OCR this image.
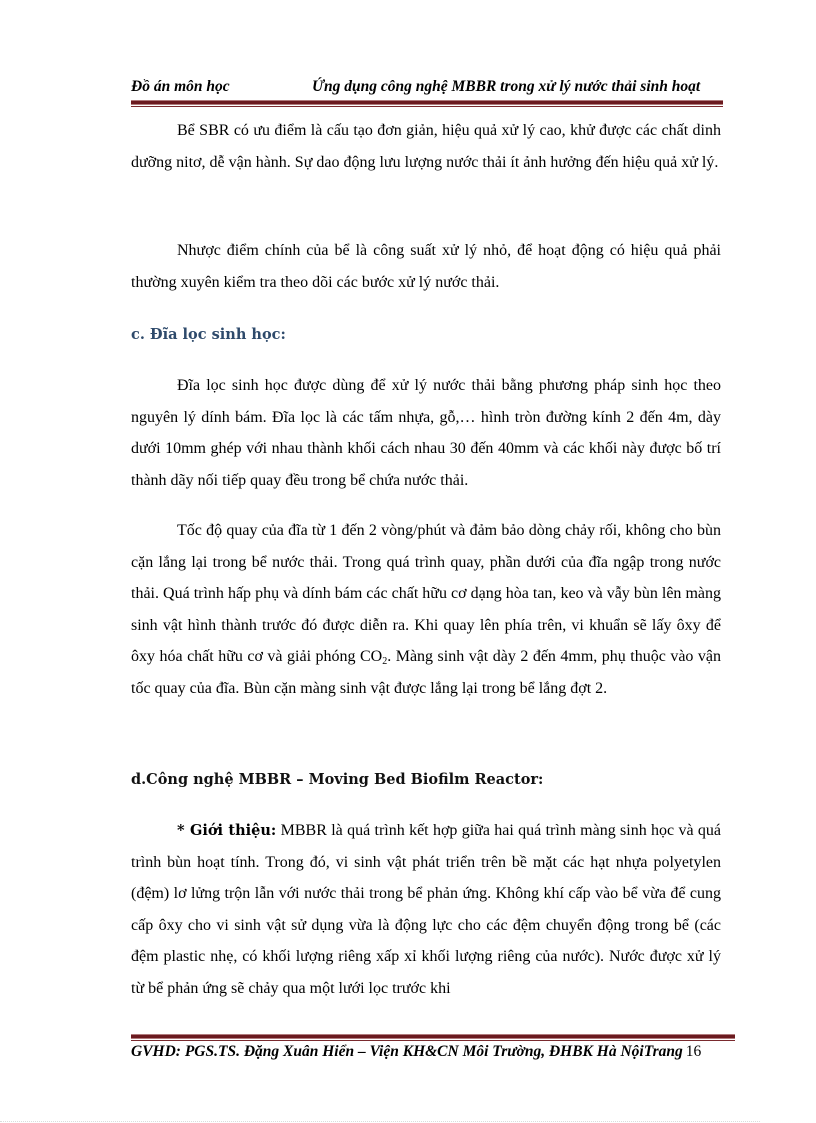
Đồ án môn học	Ứng dụng công nghệ MBBR trong xử lý nước thải sinh hoạt

Bể SBR có ưu điểm là cấu tạo đơn giản, hiệu quả xử lý cao, khử được các chất dinh dưỡng nitơ, dễ vận hành. Sự dao động lưu lượng nước thải ít ảnh hưởng đến hiệu quả xử lý.

Nhược điểm chính của bể là công suất xử lý nhỏ, để hoạt động có hiệu quả phải thường xuyên kiểm tra theo dõi các bước xử lý nước thải.

c. Đĩa lọc sinh học:

Đĩa lọc sinh học được dùng để xử lý nước thải bằng phương pháp sinh học theo nguyên lý dính bám. Đĩa lọc là các tấm nhựa, gỗ,… hình tròn đường kính 2 đến 4m, dày dưới 10mm ghép với nhau thành khối cách nhau 30 đến 40mm và các khối này được bố trí thành dãy nối tiếp quay đều trong bể chứa nước thải.

Tốc độ quay của đĩa từ 1 đến 2 vòng/phút và đảm bảo dòng chảy rối, không cho bùn cặn lắng lại trong bể nước thải. Trong quá trình quay, phần dưới của đĩa ngập trong nước thải. Quá trình hấp phụ và dính bám các chất hữu cơ dạng hòa tan, keo và vẫy bùn lên màng sinh vật hình thành trước đó được diễn ra. Khi quay lên phía trên, vi khuẩn sẽ lấy ôxy để ôxy hóa chất hữu cơ và giải phóng $CO_2$. Màng sinh vật dày 2 đến 4mm, phụ thuộc vào vận tốc quay của đĩa. Bùn cặn màng sinh vật được lắng lại trong bể lắng đợt 2.

d.Công nghệ MBBR – Moving Bed Biofilm Reactor:

* Giới thiệu: MBBR là quá trình kết hợp giữa hai quá trình màng sinh học và quá trình bùn hoạt tính. Trong đó, vi sinh vật phát triển trên bề mặt các hạt nhựa polyetylen (đệm) lơ lửng trộn lẫn với nước thải trong bể phản ứng. Không khí cấp vào bể vừa để cung cấp ôxy cho vi sinh vật sử dụng vừa là động lực cho các đệm chuyển động trong bể (các đệm plastic nhẹ, có khối lượng riêng xấp xỉ khối lượng riêng của nước). Nước được xử lý từ bể phản ứng sẽ chảy qua một lưới lọc trước khi

GVHD: PGS.TS. Đặng Xuân Hiển – Viện KH&CN Môi Trường, ĐHBK Hà NộiTrang 16
